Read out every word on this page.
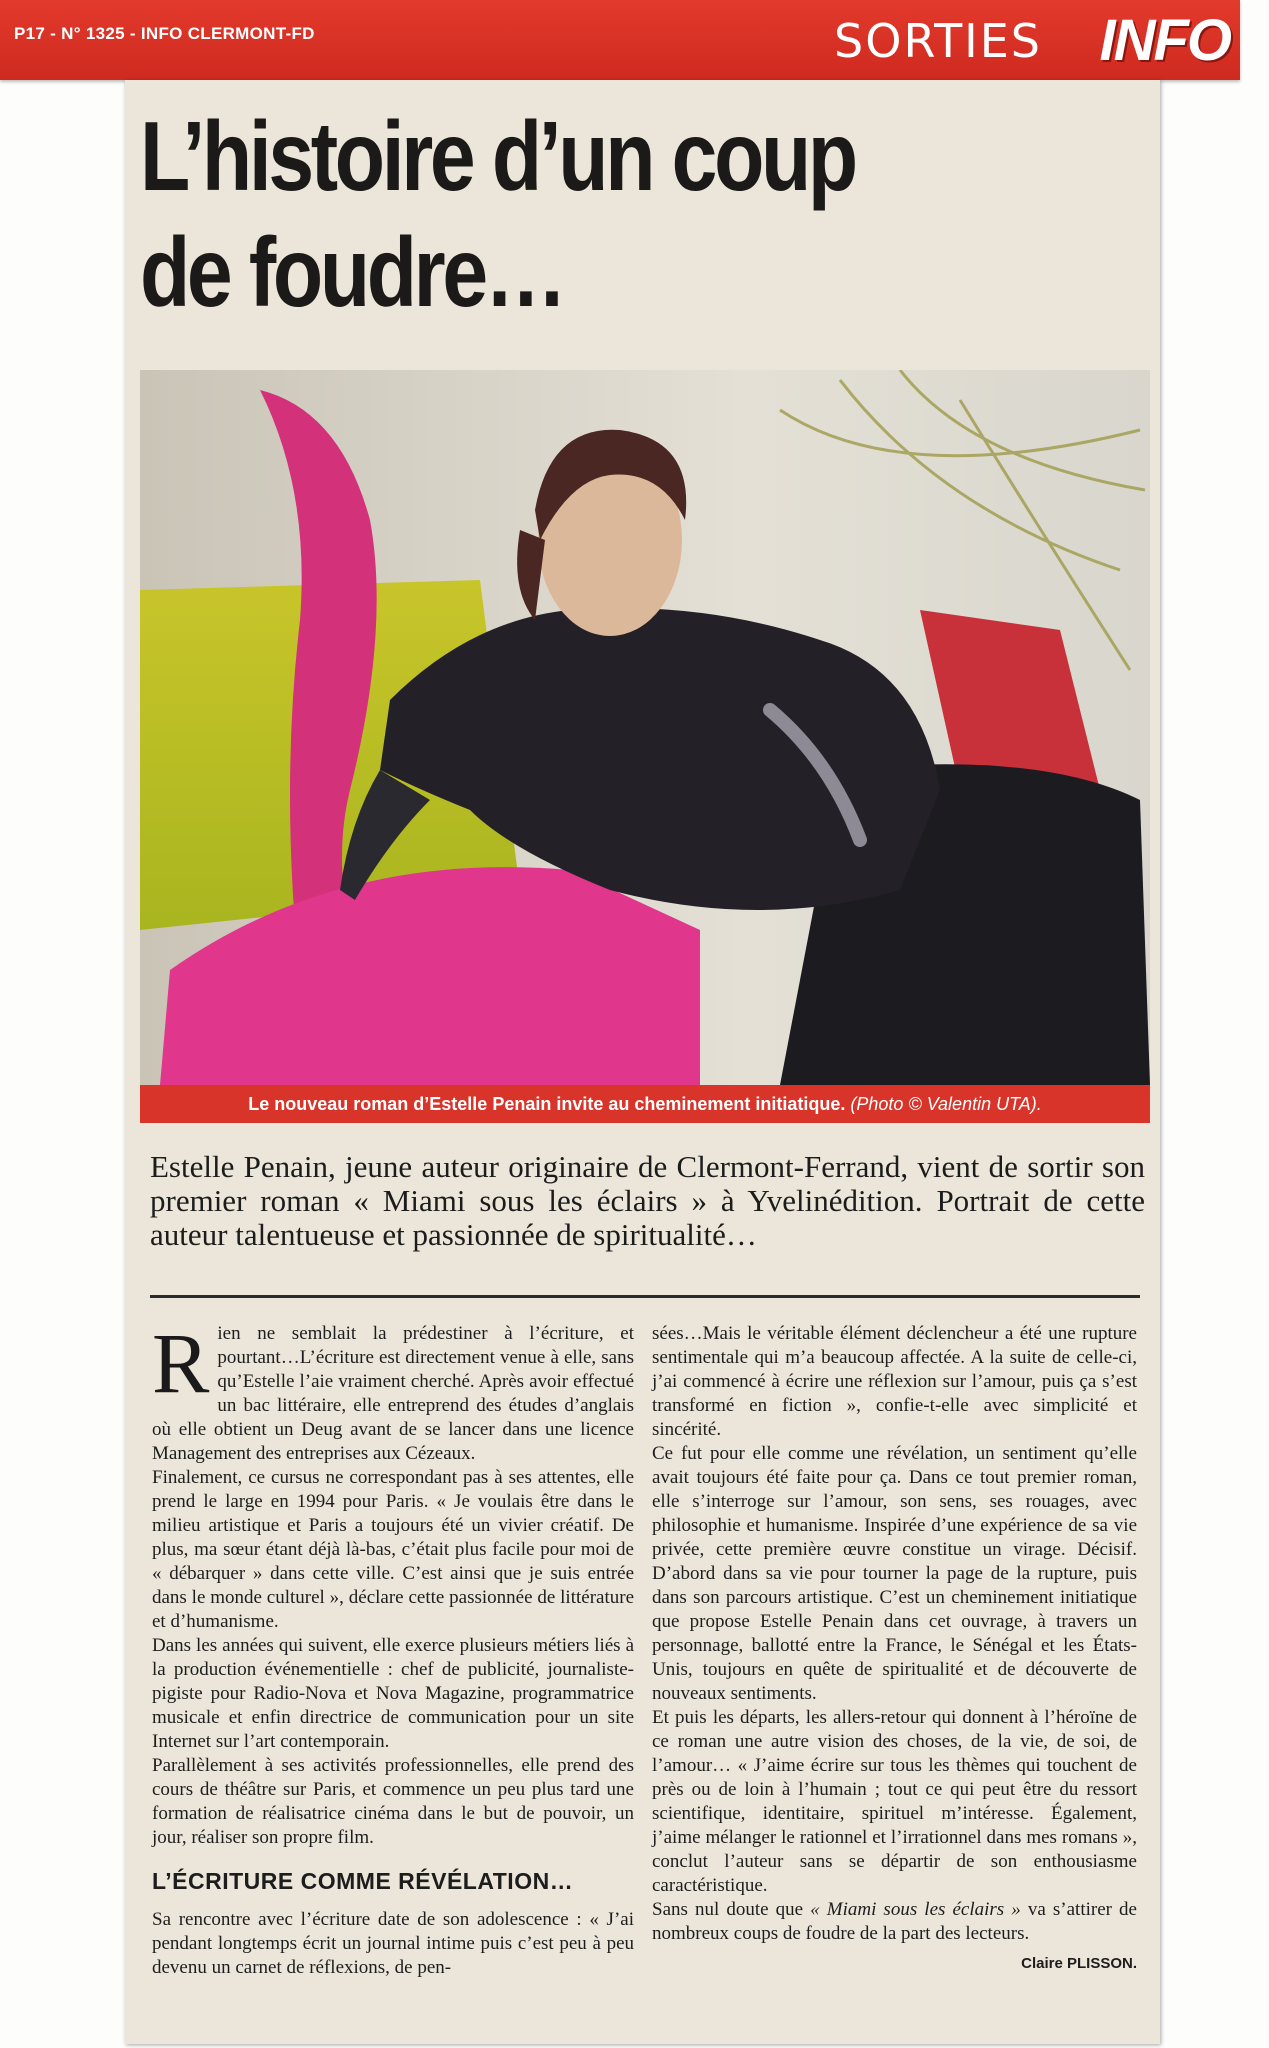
P17 - N° 1325 - INFO CLERMONT-FD	SORTIES INFO
L’histoire d’un coup
de foudre…
Le nouveau roman d’Estelle Penain invite au cheminement initiatique. (Photo © Valentin UTA).

Estelle Penain, jeune auteur originaire de Clermont-Ferrand, vient de sortir son premier roman « Miami sous les éclairs » à Yvelinédition. Portrait de cette auteur talentueuse et passionnée de spiritualité…

Rien ne semblait la prédestiner à l’écriture, et pourtant…L’écriture est directement venue à elle, sans qu’Estelle l’aie vraiment cherché. Après avoir effectué un bac littéraire, elle entreprend des études d’anglais où elle obtient un Deug avant de se lancer dans une licence Management des entreprises aux Cézeaux.

Finalement, ce cursus ne correspondant pas à ses attentes, elle prend le large en 1994 pour Paris. « Je voulais être dans le milieu artistique et Paris a toujours été un vivier créatif. De plus, ma sœur étant déjà là-bas, c’était plus facile pour moi de « débarquer » dans cette ville. C’est ainsi que je suis entrée dans le monde culturel », déclare cette passionnée de littérature et d’humanisme.

Dans les années qui suivent, elle exerce plusieurs métiers liés à la production événementielle : chef de publicité, journaliste-pigiste pour Radio-Nova et Nova Magazine, programmatrice musicale et enfin directrice de communication pour un site Internet sur l’art contemporain.

Parallèlement à ses activités professionnelles, elle prend des cours de théâtre sur Paris, et commence un peu plus tard une formation de réalisatrice cinéma dans le but de pouvoir, un jour, réaliser son propre film.

L’ÉCRITURE COMME RÉVÉLATION…

Sa rencontre avec l’écriture date de son adolescence : « J’ai pendant longtemps écrit un journal intime puis c’est peu à peu devenu un carnet de réflexions, de pen-

sées…Mais le véritable élément déclencheur a été une rupture sentimentale qui m’a beaucoup affectée. A la suite de celle-ci, j’ai commencé à écrire une réflexion sur l’amour, puis ça s’est transformé en fiction », confie-t-elle avec simplicité et sincérité.

Ce fut pour elle comme une révélation, un sentiment qu’elle avait toujours été faite pour ça. Dans ce tout premier roman, elle s’interroge sur l’amour, son sens, ses rouages, avec philosophie et humanisme. Inspirée d’une expérience de sa vie privée, cette première œuvre constitue un virage. Décisif. D’abord dans sa vie pour tourner la page de la rupture, puis dans son parcours artistique. C’est un cheminement initiatique que propose Estelle Penain dans cet ouvrage, à travers un personnage, ballotté entre la France, le Sénégal et les États-Unis, toujours en quête de spiritualité et de découverte de nouveaux sentiments.

Et puis les départs, les allers-retour qui donnent à l’héroïne de ce roman une autre vision des choses, de la vie, de soi, de l’amour… « J’aime écrire sur tous les thèmes qui touchent de près ou de loin à l’humain ; tout ce qui peut être du ressort scientifique, identitaire, spirituel m’intéresse. Également, j’aime mélanger le rationnel et l’irrationnel dans mes romans », conclut l’auteur sans se départir de son enthousiasme caractéristique.

Sans nul doute que « Miami sous les éclairs » va s’attirer de nombreux coups de foudre de la part des lecteurs.

Claire PLISSON.
